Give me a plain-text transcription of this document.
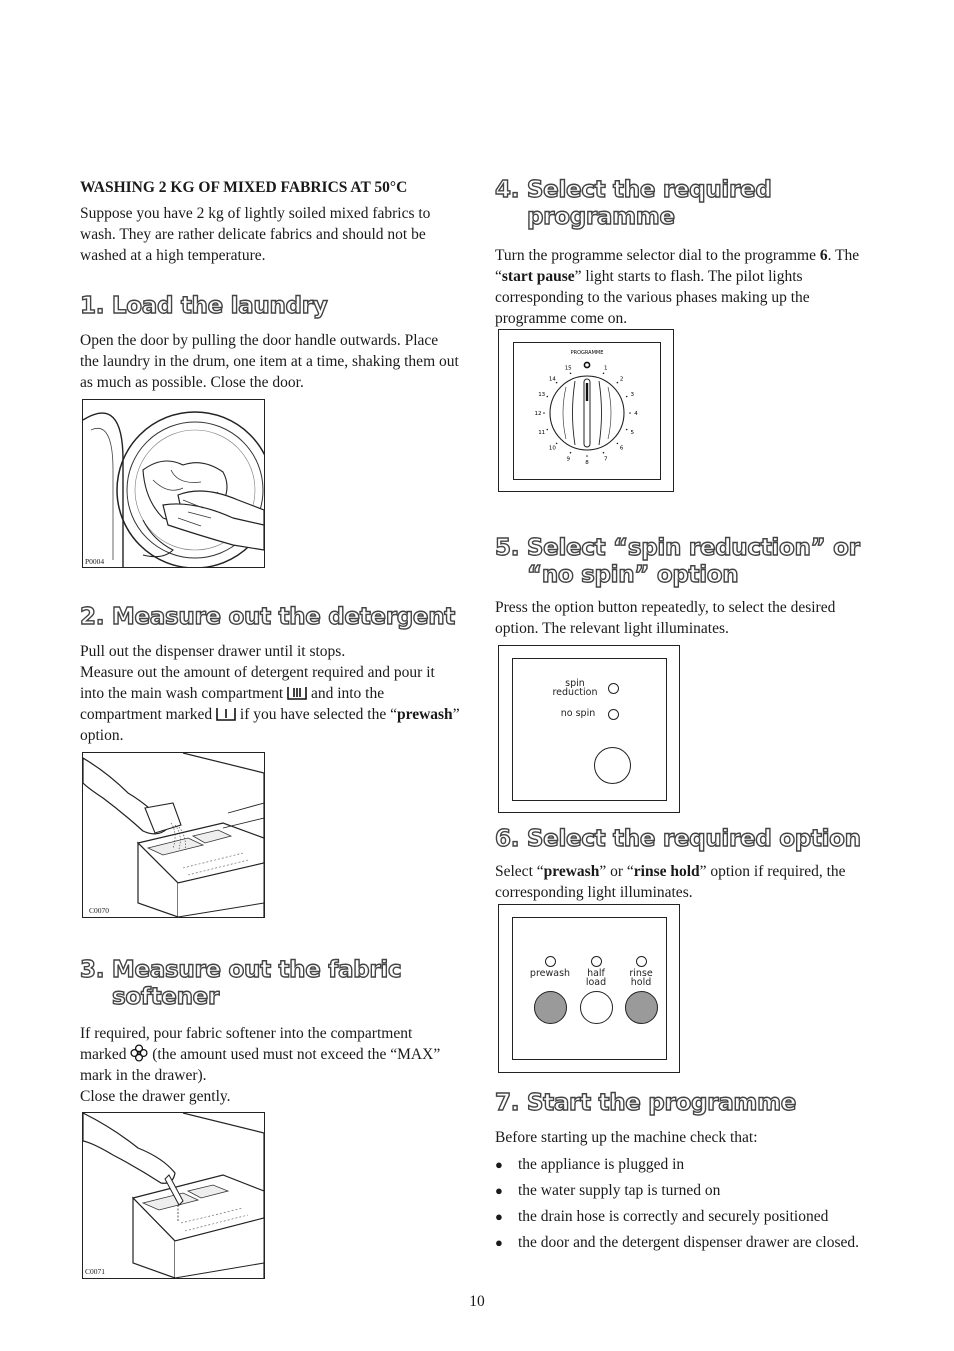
WASHING 2 KG OF MIXED FABRICS AT 50°C

Suppose you have 2 kg of lightly soiled mixed fabrics to wash. They are rather delicate fabrics and should not be washed at a high temperature.

1. Load the laundry

Open the door by pulling the door handle outwards. Place the laundry in the drum, one item at a time, shaking them out as much as possible. Close the door.

P0004
2. Measure out the detergent

Pull out the dispenser drawer until it stops.
Measure out the amount of detergent required and pour it into the main wash compartment and into the compartment marked if you have selected the “prewash” option.

C0070
3. Measure out the fabric
softener

If required, pour fabric softener into the compartment marked (the amount used must not exceed the “MAX” mark in the drawer).
Close the drawer gently.

C0071
4. Select the required
programme

Turn the programme selector dial to the programme 6. The “start pause” light starts to flash. The pilot lights corresponding to the various phases making up the programme come on.

PROGRAMME
1
2
3
4
5
6
7
8
9
10
11
12
13
14
15
5. Select “spin reduction” or
“no spin” option

Press the option button repeatedly, to select the desired option. The relevant light illuminates.

spin
reduction
no spin
6. Select the required option

Select “prewash” or “rinse hold” option if required, the corresponding light illuminates.

prewash	half
load
rinse
hold
7. Start the programme

Before starting up the machine check that:

● the appliance is plugged in
● the water supply tap is turned on
● the drain hose is correctly and securely positioned
● the door and the detergent dispenser drawer are closed.
10
